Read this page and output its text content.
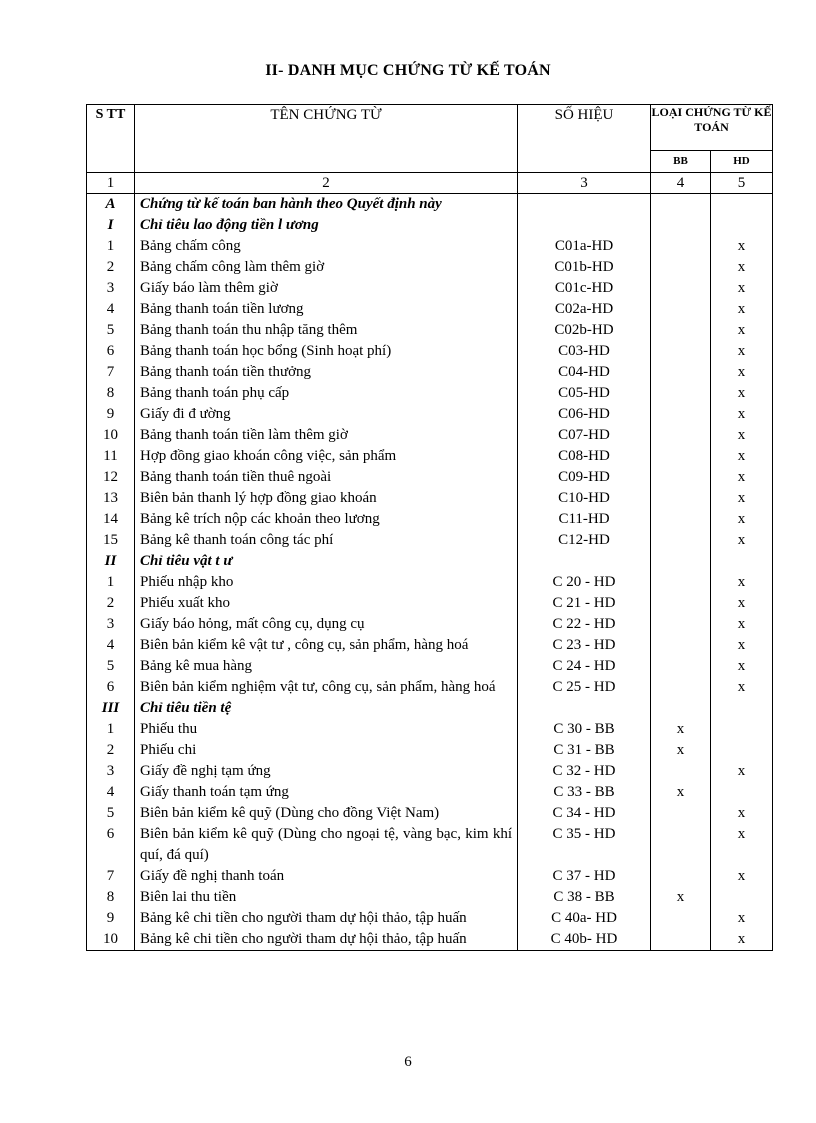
II- DANH MỤC CHỨNG TỪ KẾ TOÁN
S TT	TÊN CHỨNG TỪ	SỐ HIỆU	LOẠI CHỨNG TỪ KẾ TOÁN	
			BB	HD
1	2	3	4	5
A	Chứng từ kế toán ban hành theo Quyết định này			
I	Chỉ tiêu lao động tiền l ương			
1	Bảng chấm công	C01a-HD		x
2	Bảng chấm công làm thêm giờ	C01b-HD		x
3	Giấy báo làm thêm giờ	C01c-HD		x
4	Bảng thanh toán tiền lương	C02a-HD		x
5	Bảng thanh toán thu nhập tăng thêm	C02b-HD		x
6	Bảng thanh toán học bổng (Sinh hoạt phí)	C03-HD		x
7	Bảng thanh toán tiền thưởng	C04-HD		x
8	Bảng thanh toán phụ cấp	C05-HD		x
9	Giấy đi đ ường	C06-HD		x
10	Bảng thanh toán tiền làm thêm giờ	C07-HD		x
11	Hợp đồng giao khoán công việc, sản phẩm	C08-HD		x
12	Bảng thanh toán tiền thuê ngoài	C09-HD		x
13	Biên bản thanh lý hợp đồng giao khoán	C10-HD		x
14	Bảng kê trích nộp các khoản theo lương	C11-HD		x
15	Bảng kê thanh toán công tác phí	C12-HD		x
II	Chỉ tiêu vật t ư			
1	Phiếu nhập kho	C 20 - HD		x
2	Phiếu xuất kho	C 21 - HD		x
3	Giấy báo hỏng, mất công cụ, dụng cụ	C 22 - HD		x
4	Biên bản kiểm kê vật tư , công cụ, sản phẩm, hàng hoá	C 23 - HD		x
5	Bảng kê mua hàng	C 24 - HD		x
6	Biên bản kiểm nghiệm vật tư, công cụ, sản phẩm, hàng hoá	C 25 - HD		x
III	Chỉ tiêu tiền tệ			
1	Phiếu thu	C 30 - BB	x	
2	Phiếu chi	C 31 - BB	x	
3	Giấy đề nghị tạm ứng	C 32 - HD		x
4	Giấy thanh toán tạm ứng	C 33 - BB	x	
5	Biên bản kiểm kê quỹ (Dùng cho đồng Việt Nam)	C 34 - HD		x
6	Biên bản kiểm kê quỹ (Dùng cho ngoại tệ, vàng bạc, kim khí quí, đá quí)	C 35 - HD		x
7	Giấy đề nghị thanh toán	C 37 - HD		x
8	Biên lai thu tiền	C 38 - BB	x	
9	Bảng kê chi tiền cho người tham dự hội thảo, tập huấn	C 40a- HD		x
10	Bảng kê chi tiền cho người tham dự hội thảo, tập huấn	C 40b- HD		x
6
